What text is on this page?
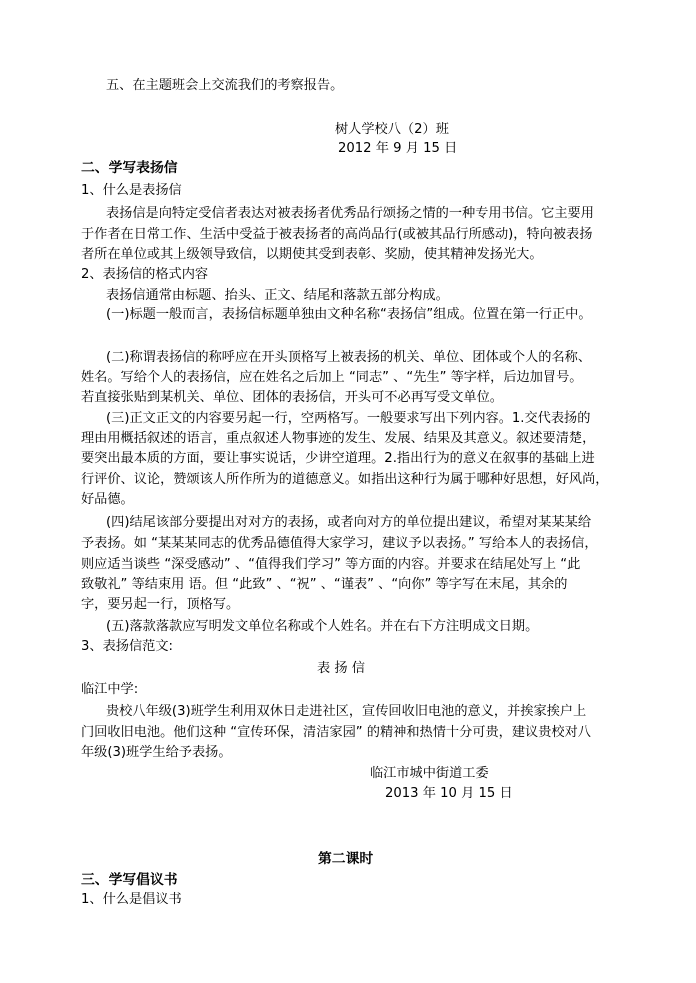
五、在主题班会上交流我们的考察报告。
树人学校八（2）班
2012 年 9 月 15 日
二、学写表扬信
1、什么是表扬信
表扬信是向特定受信者表达对被表扬者优秀品行颂扬之情的一种专用书信。它主要用
于作者在日常工作、生活中受益于被表扬者的高尚品行(或被其品行所感动)，特向被表扬
者所在单位或其上级领导致信，以期使其受到表彰、奖励，使其精神发扬光大。
2、表扬信的格式内容
表扬信通常由标题、抬头、正文、结尾和落款五部分构成。
(一)标题一般而言，表扬信标题单独由文种名称“表扬信”组成。位置在第一行正中。
(二)称谓表扬信的称呼应在开头顶格写上被表扬的机关、单位、团体或个人的名称、
姓名。写给个人的表扬信，应在姓名之后加上 “同志” 、“先生” 等字样，后边加冒号。
若直接张贴到某机关、单位、团体的表扬信，开头可不必再写受文单位。
(三)正文正文的内容要另起一行，空两格写。一般要求写出下列内容。1.交代表扬的
理由用概括叙述的语言，重点叙述人物事迹的发生、发展、结果及其意义。叙述要清楚，
要突出最本质的方面，要让事实说话，少讲空道理。2.指出行为的意义在叙事的基础上进
行评价、议论，赞颂该人所作所为的道德意义。如指出这种行为属于哪种好思想，好风尚，
好品德。
(四)结尾该部分要提出对对方的表扬，或者向对方的单位提出建议，希望对某某某给
予表扬。如 “某某某同志的优秀品德值得大家学习，建议予以表扬。” 写给本人的表扬信，
则应适当谈些 “深受感动” 、“值得我们学习” 等方面的内容。并要求在结尾处写上 “此
致敬礼” 等结束用 语。但 “此致” 、“祝” 、“谨表” 、“向你” 等字写在末尾，其余的
字，要另起一行，顶格写。
(五)落款落款应写明发文单位名称或个人姓名。并在右下方注明成文日期。
3、表扬信范文:
表 扬 信
临江中学:
贵校八年级(3)班学生利用双休日走进社区，宣传回收旧电池的意义，并挨家挨户上
门回收旧电池。他们这种 “宣传环保，清洁家园” 的精神和热情十分可贵，建议贵校对八
年级(3)班学生给予表扬。
临江市城中街道工委
2013 年 10 月 15 日
第二课时
三、学写倡议书
1、什么是倡议书
